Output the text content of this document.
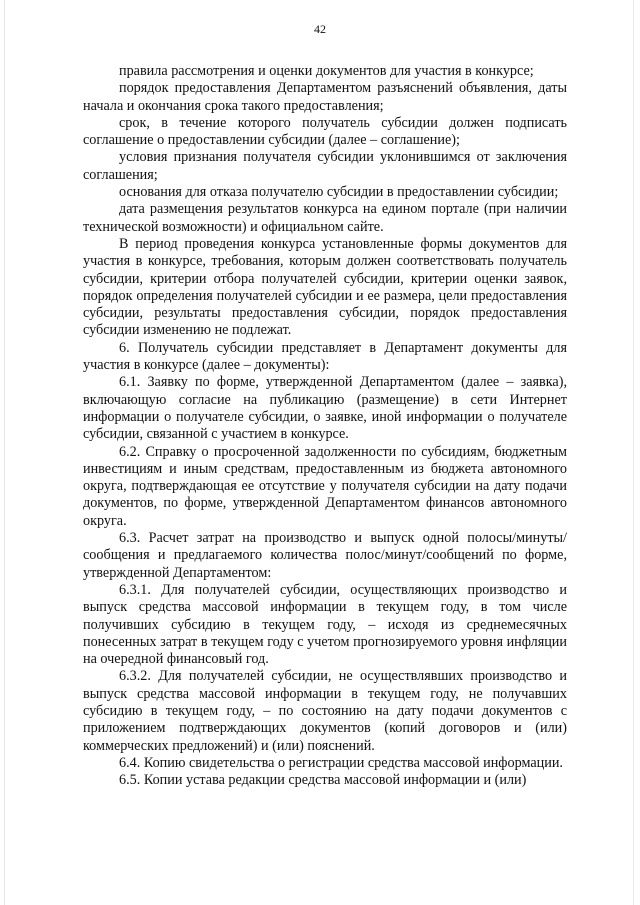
42

правила рассмотрения и оценки документов для участия в конкурсе;

порядок предоставления Департаментом разъяснений объявления, даты начала и окончания срока такого предоставления;

срок, в течение которого получатель субсидии должен подписать соглашение о предоставлении субсидии (далее – соглашение);

условия признания получателя субсидии уклонившимся от заключения соглашения;

основания для отказа получателю субсидии в предоставлении субсидии;

дата размещения результатов конкурса на едином портале (при наличии технической возможности) и официальном сайте.

В период проведения конкурса установленные формы документов для участия в конкурсе, требования, которым должен соответствовать получатель субсидии, критерии отбора получателей субсидии, критерии оценки заявок, порядок определения получателей субсидии и ее размера, цели предоставления субсидии, результаты предоставления субсидии, порядок предоставления субсидии изменению не подлежат.

6. Получатель субсидии представляет в Департамент документы для участия в конкурсе (далее – документы):

6.1. Заявку по форме, утвержденной Департаментом (далее – заявка), включающую согласие на публикацию (размещение) в сети Интернет информации о получателе субсидии, о заявке, иной информации о получателе субсидии, связанной с участием в конкурсе.

6.2. Справку о просроченной задолженности по субсидиям, бюджетным инвестициям и иным средствам, предоставленным из бюджета автономного округа, подтверждающая ее отсутствие у получателя субсидии на дату подачи документов, по форме, утвержденной Департаментом финансов автономного округа.

6.3. Расчет затрат на производство и выпуск одной полосы/минуты/сообщения и предлагаемого количества полос/минут/сообщений по форме, утвержденной Департаментом:

6.3.1. Для получателей субсидии, осуществляющих производство и выпуск средства массовой информации в текущем году, в том числе получивших субсидию в текущем году, – исходя из среднемесячных понесенных затрат в текущем году с учетом прогнозируемого уровня инфляции на очередной финансовый год.

6.3.2. Для получателей субсидии, не осуществлявших производство и выпуск средства массовой информации в текущем году, не получавших субсидию в текущем году, – по состоянию на дату подачи документов с приложением подтверждающих документов (копий договоров и (или) коммерческих предложений) и (или) пояснений.

6.4. Копию свидетельства о регистрации средства массовой информации.

6.5. Копии устава редакции средства массовой информации и (или)
